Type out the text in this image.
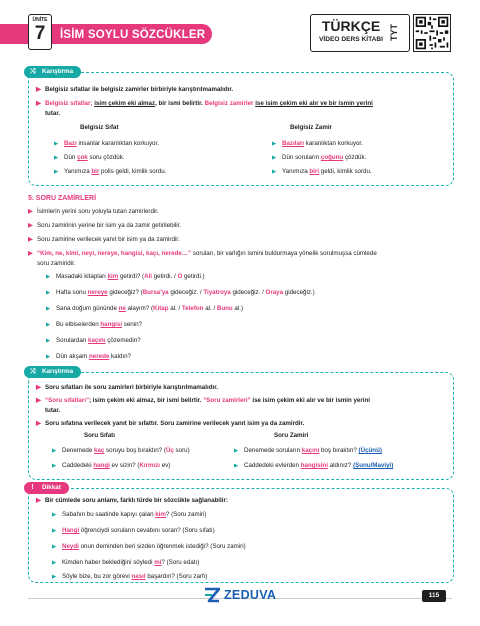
ÜNİTE
7	İSİM SOYLU SÖZCÜKLER
TÜRKÇE
VİDEO DERS KİTABI TYT
⤨ Karıştırma
▶ Belgisiz sıfatlar ile belgisiz zamirler birbiriyle karıştırılmamalıdır.
▶ Belgisiz sıfatlar; isim çekim eki almaz, bir ismi belirtir. Belgisiz zamirler ise isim çekim eki alır ve bir ismin yerini
tutar.
Belgisiz Sıfat	Belgisiz Zamir
▶ Bazı insanlar karanlıktan korkuyor.	▶ Bazıları karanlıktan korkuyor.
▶ Dün çok soru çözdük.	▶ Dün soruların çoğunu çözdük.
▶ Yanımıza bir polis geldi, kimlik sordu.	▶ Yanımıza biri geldi, kimlik sordu.
5. SORU ZAMİRLERİ
▶ İsimlerin yerini soru yoluyla tutan zamirlerdir.
▶ Soru zamirinin yerine bir isim ya da zamir getirilebilir.
▶ Soru zamirine verilecek yanıt bir isim ya da zamirdir.
▶ “Kim, ne, kimi, neyi, nereye, hangisi, kaçı, nerede…” soruları, bir varlığın ismini buldurmaya yönelik sorulmuşsa cümlede
soru zamiridir.
▶ Masadaki kitapları kim getirdi? (Ali getirdi. / O getirdi.)
▶ Hafta sonu nereye gideceğiz? (Bursa'ya gideceğiz. / Tiyatroya gideceğiz. / Oraya gideceğiz.)
▶ Sana doğum gününde ne alayım? (Kitap al. / Telefon al. / Bunu al.)
▶ Bu elbiselerden hangisi senin?
▶ Sorulardan kaçını çözemedin?
▶ Dün akşam nerede kaldın?
⤨ Karıştırma
▶ Soru sıfatları ile soru zamirleri birbiriyle karıştırılmamalıdır.
▶ “Soru sıfatları”; isim çekim eki almaz, bir ismi belirtir. “Soru zamirleri” ise isim çekim eki alır ve bir ismin yerini
tutar.
▶ Soru sıfatına verilecek yanıt bir sıfattır. Soru zamirine verilecek yanıt isim ya da zamirdir.
Soru Sıfatı	Soru Zamiri
▶ Denemede kaç soruyu boş bıraktın? (Üç soru)	▶ Denemede soruların kaçını boş bıraktın? (Üçünü)
▶ Caddedeki hangi ev sizin? (Kırmızı ev)	▶ Caddedeki evlerden hangisini aldınız? (Şunu/Maviyi)
!	Dikkat
▶ Bir cümlede soru anlamı, farklı türde bir sözcükle sağlanabilir:
▶ Sabahın bu saatinde kapıyı çalan kim? (Soru zamiri)
▶ Hangi öğrenciydi soruların cevabını soran? (Soru sıfatı)
▶ Neydi onun deminden beri sizden öğrenmek istediği? (Soru zamiri)
▶ Kimden haber beklediğini söyledi mi? (Soru edatı)
▶ Söyle bize, bu zor görevi nasıl başardın? (Soru zarfı)
ZEDUVA	115
